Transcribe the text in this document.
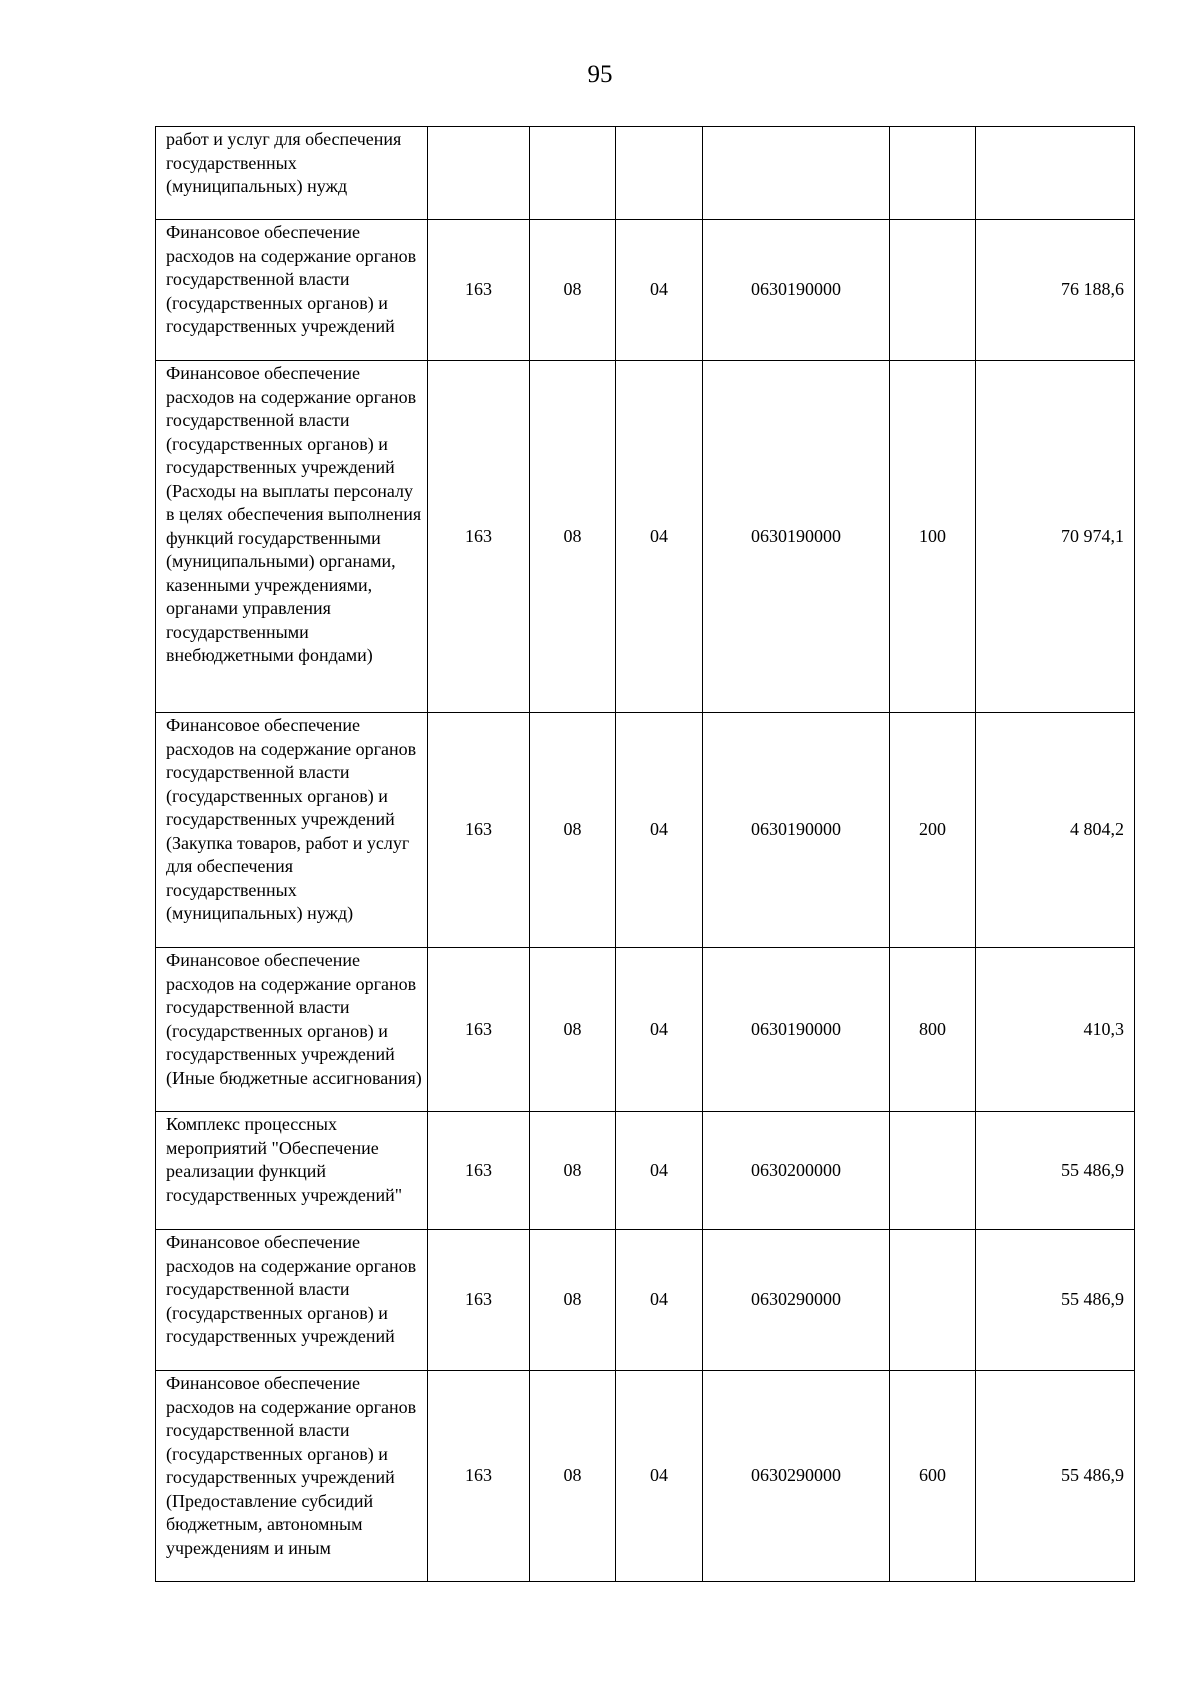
95
работ и услуг для обеспечения государственных (муниципальных) нужд						
Финансовое обеспечение расходов на содержание органов государственной власти (государственных органов) и государственных учреждений	163	08	04	0630190000		76 188,6
Финансовое обеспечение расходов на содержание органов государственной власти (государственных органов) и государственных учреждений (Расходы на выплаты персоналу в целях обеспечения выполнения функций государственными (муниципальными) органами, казенными учреждениями, органами управления государственными внебюджетными фондами)	163	08	04	0630190000	100	70 974,1
Финансовое обеспечение расходов на содержание органов государственной власти (государственных органов) и государственных учреждений (Закупка товаров, работ и услуг для обеспечения государственных (муниципальных) нужд)	163	08	04	0630190000	200	4 804,2
Финансовое обеспечение расходов на содержание органов государственной власти (государственных органов) и государственных учреждений (Иные бюджетные ассигнования)	163	08	04	0630190000	800	410,3
Комплекс процессных мероприятий "Обеспечение реализации функций государственных учреждений"	163	08	04	0630200000		55 486,9
Финансовое обеспечение расходов на содержание органов государственной власти (государственных органов) и государственных учреждений	163	08	04	0630290000		55 486,9
Финансовое обеспечение расходов на содержание органов государственной власти (государственных органов) и государственных учреждений (Предоставление субсидий бюджетным, автономным учреждениям и иным	163	08	04	0630290000	600	55 486,9
